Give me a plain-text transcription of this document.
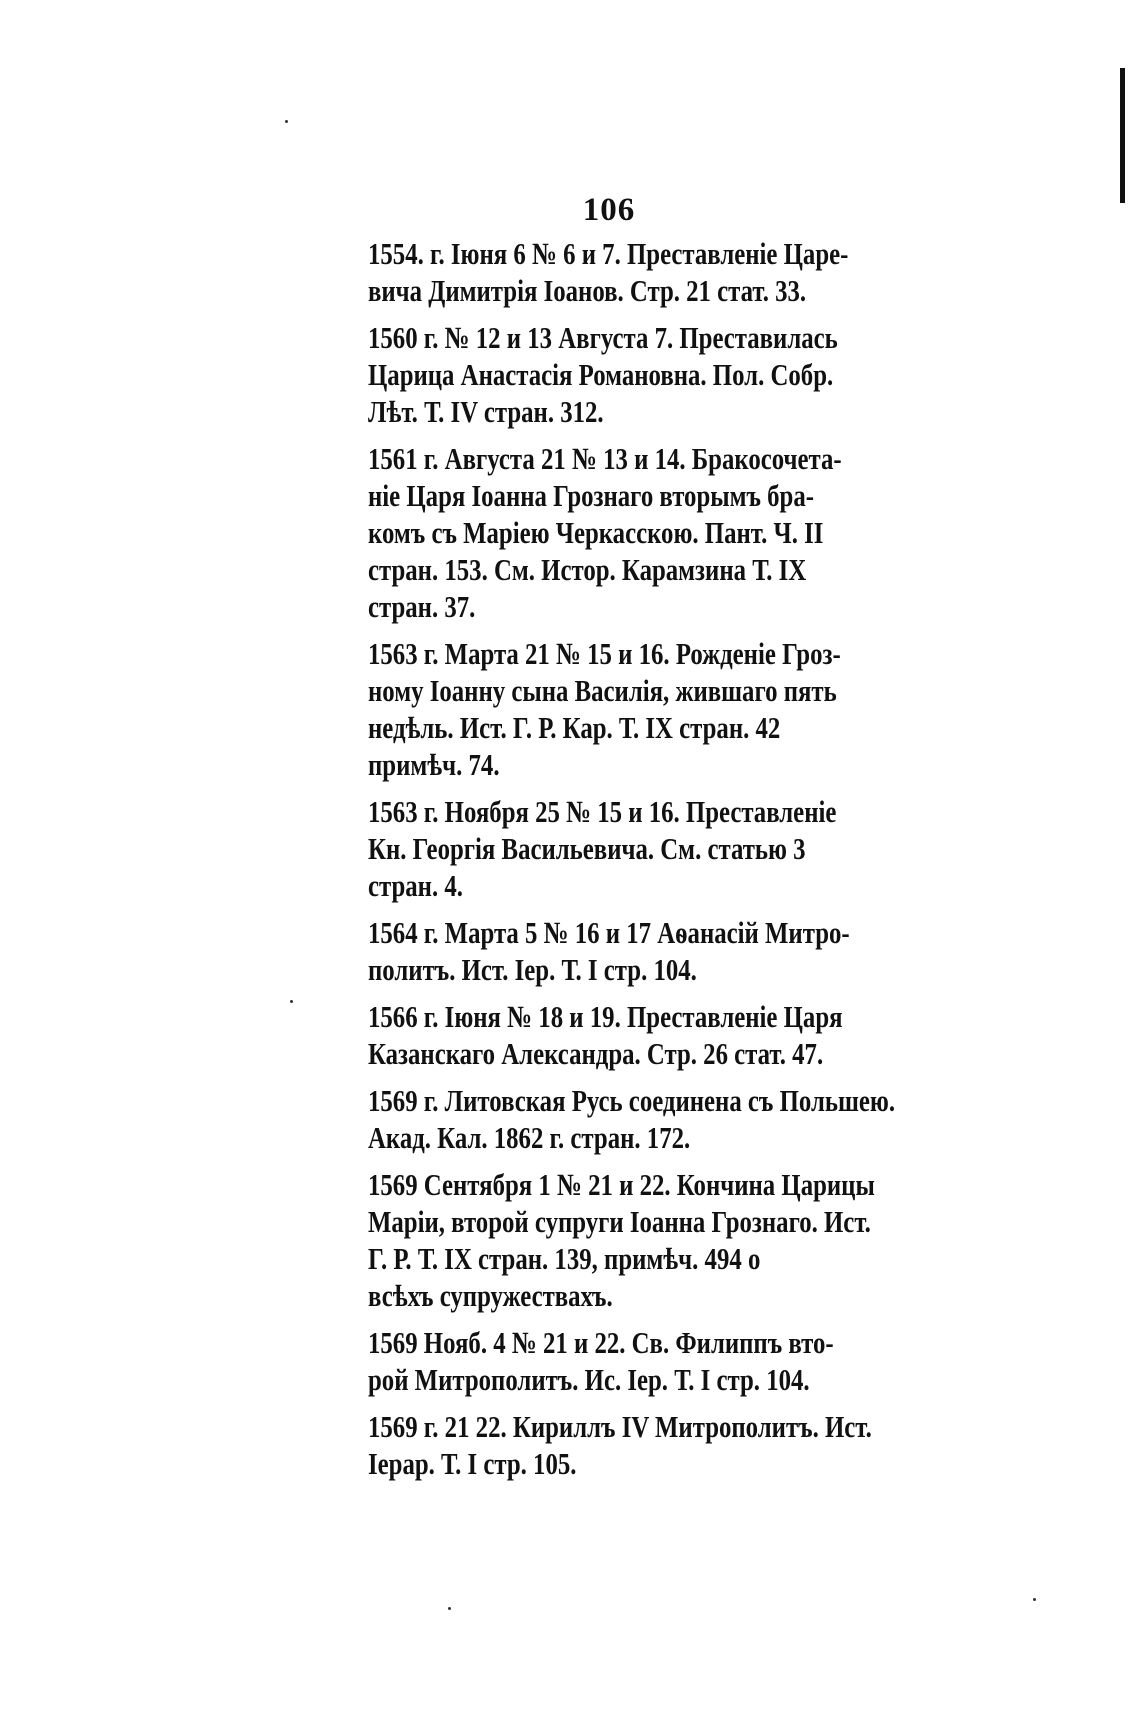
106
1554. г. Іюня 6 № 6 и 7. Преставленіе Царе-
вича Димитрія Іоанов. Стр. 21 стат. 33.
1560 г. № 12 и 13 Августа 7. Преставилась
Царица Анастасія Романовна. Пол. Собр.
Лѣт. Т. IV стран. 312.
1561 г. Августа 21 № 13 и 14. Бракосочета-
ніе Царя Іоанна Грознаго вторымъ бра-
комъ съ Маріею Черкасскою. Пант. Ч. II
стран. 153. См. Истор. Карамзина Т. IX
стран. 37.
1563 г. Марта 21 № 15 и 16. Рожденіе Гроз-
ному Іоанну сына Василія, жившаго пять
недѣль. Ист. Г. Р. Кар. Т. IX стран. 42
примѣч. 74.
1563 г. Ноября 25 № 15 и 16. Преставленіе
Кн. Георгія Васильевича. См. статью 3
стран. 4.
1564 г. Марта 5 № 16 и 17 Аѳанасій Митро-
политъ. Ист. Іер. Т. I стр. 104.
1566 г. Іюня № 18 и 19. Преставленіе Царя
Казанскаго Александра. Стр. 26 стат. 47.
1569 г. Литовская Русь соединена съ Польшею.
Акад. Кал. 1862 г. стран. 172.
1569 Сентября 1 № 21 и 22. Кончина Царицы
Маріи, второй супруги Іоанна Грознаго. Ист.
Г. Р. Т. IX стран. 139, примѣч. 494 о
всѣхъ супружествахъ.
1569 Нояб. 4 № 21 и 22. Св. Филиппъ вто-
рой Митрополитъ. Ис. Іер. Т. I стр. 104.
1569 г. 21 22. Кириллъ IV Митрополитъ. Ист.
Іерар. Т. I стр. 105.
